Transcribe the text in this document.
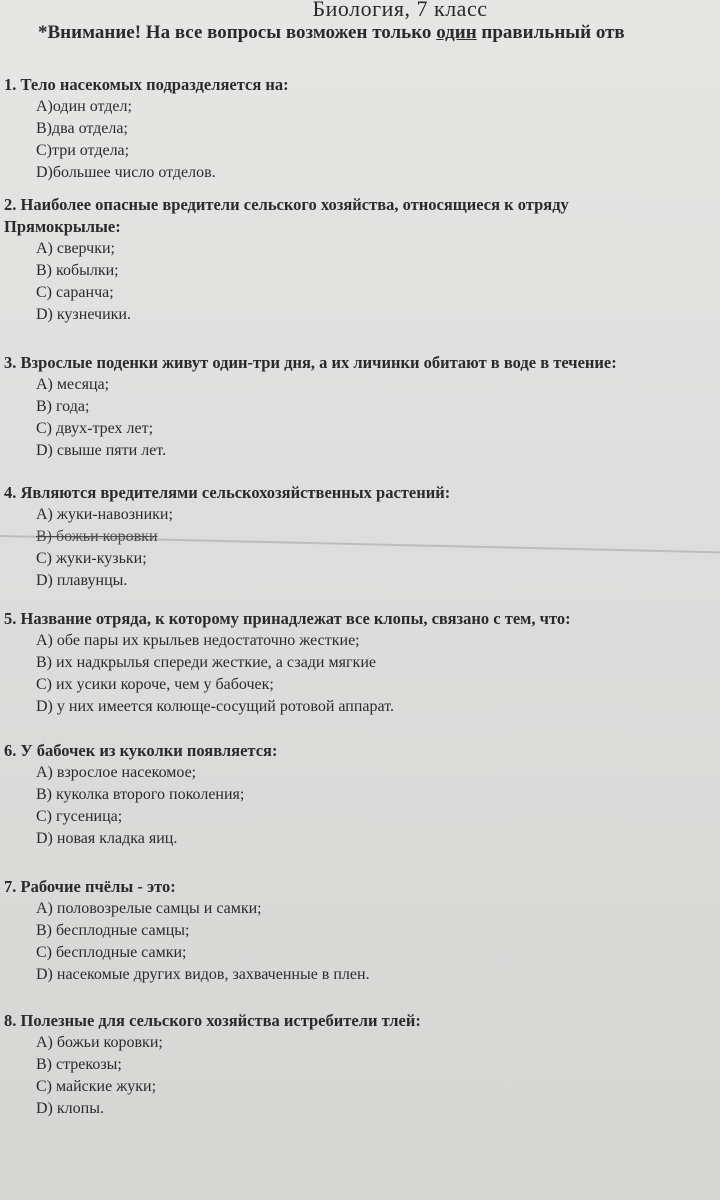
Биология, 7 класс
*Внимание! На все вопросы возможен только один правильный отв
1. Тело насекомых подразделяется на:
A)один отдел;
B)два отдела;
C)три отдела;
D)большее число отделов.
2. Наиболее опасные вредители сельского хозяйства, относящиеся к отряду
Прямокрылые:
A) сверчки;
B) кобылки;
C) саранча;
D) кузнечики.
3. Взрослые поденки живут один-три дня, а их личинки обитают в воде в течение:
A) месяца;
B) года;
C) двух-трех лет;
D) свыше пяти лет.
4. Являются вредителями сельскохозяйственных растений:
A) жуки-навозники;
B) божьи коровки
C) жуки-кузьки;
D) плавунцы.
5. Название отряда, к которому принадлежат все клопы, связано с тем, что:
A) обе пары их крыльев недостаточно жесткие;
B) их надкрылья спереди жесткие, а сзади мягкие
C) их усики короче, чем у бабочек;
D) у них имеется колюще-сосущий ротовой аппарат.
6. У бабочек из куколки появляется:
A) взрослое насекомое;
B) куколка второго поколения;
C) гусеница;
D) новая кладка яиц.
7. Рабочие пчёлы - это:
A) половозрелые самцы и самки;
B) бесплодные самцы;
C) бесплодные самки;
D) насекомые других видов, захваченные в плен.
8. Полезные для сельского хозяйства истребители тлей:
A) божьи коровки;
B) стрекозы;
C) майские жуки;
D) клопы.
